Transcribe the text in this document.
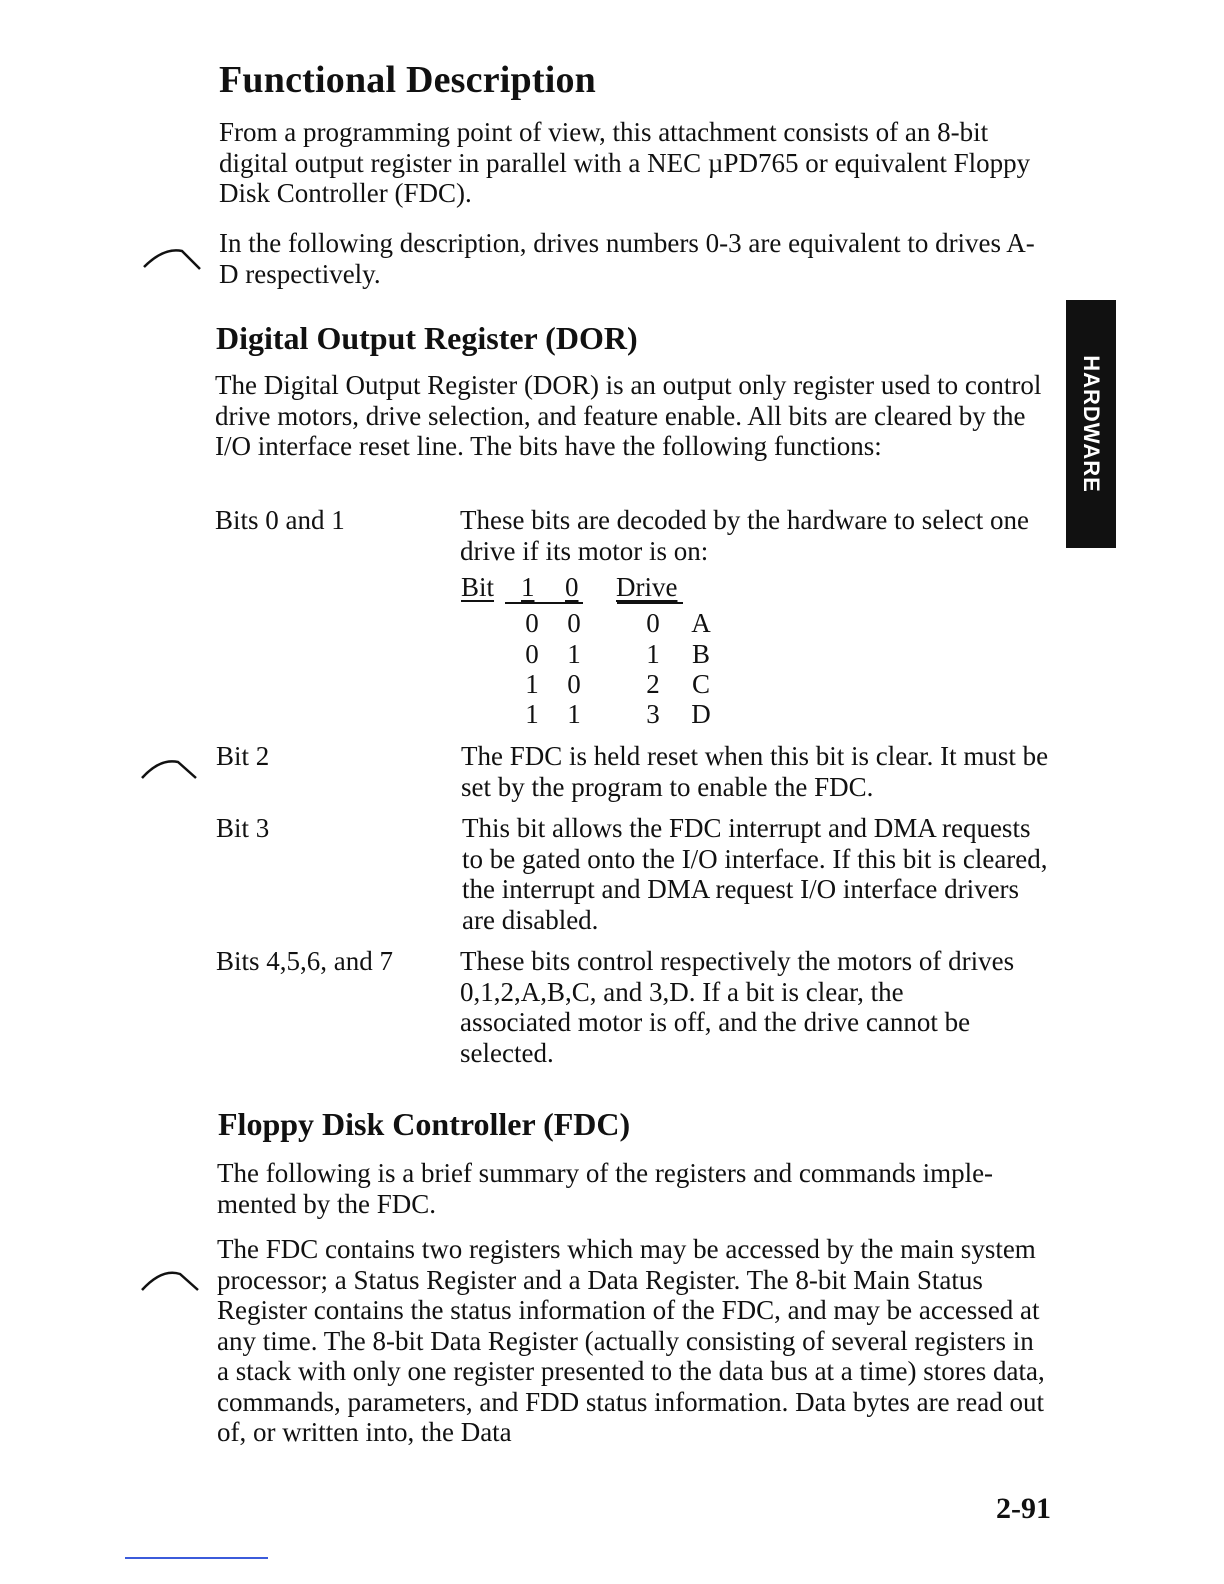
Functional Description

From a programming point of view, this attachment consists of an 8-bit digital output register in parallel with a NEC µPD765 or equivalent Floppy Disk Controller (FDC).

In the following description, drives numbers 0-3 are equivalent to drives A-D respectively.

Digital Output Register (DOR)

The Digital Output Register (DOR) is an output only register used to control drive motors, drive selection, and feature enable. All bits are cleared by the I/O interface reset line. The bits have the following functions:

Bits 0 and 1	These bits are decoded by the hardware to select one drive if its motor is on:
Bit 1 0 Drive
0 0 0 A
0 1 1 B
1 0 2 C
1 1 3 D
Bit 2	The FDC is held reset when this bit is clear. It must be set by the program to enable the FDC.
Bit 3	This bit allows the FDC interrupt and DMA requests to be gated onto the I/O interface. If this bit is cleared, the interrupt and DMA request I/O interface drivers are disabled.
Bits 4,5,6, and 7 These bits control respectively the motors of drives 0,1,2,A,B,C, and 3,D. If a bit is clear, the associated motor is off, and the drive cannot be selected.
Floppy Disk Controller (FDC)

The following is a brief summary of the registers and commands imple-mented by the FDC.

The FDC contains two registers which may be accessed by the main system processor; a Status Register and a Data Register. The 8-bit Main Status Register contains the status information of the FDC, and may be accessed at any time. The 8-bit Data Register (actually consisting of several registers in a stack with only one register presented to the data bus at a time) stores data, commands, parameters, and FDD status information. Data bytes are read out of, or written into, the Data

HARDWARE
2-91
